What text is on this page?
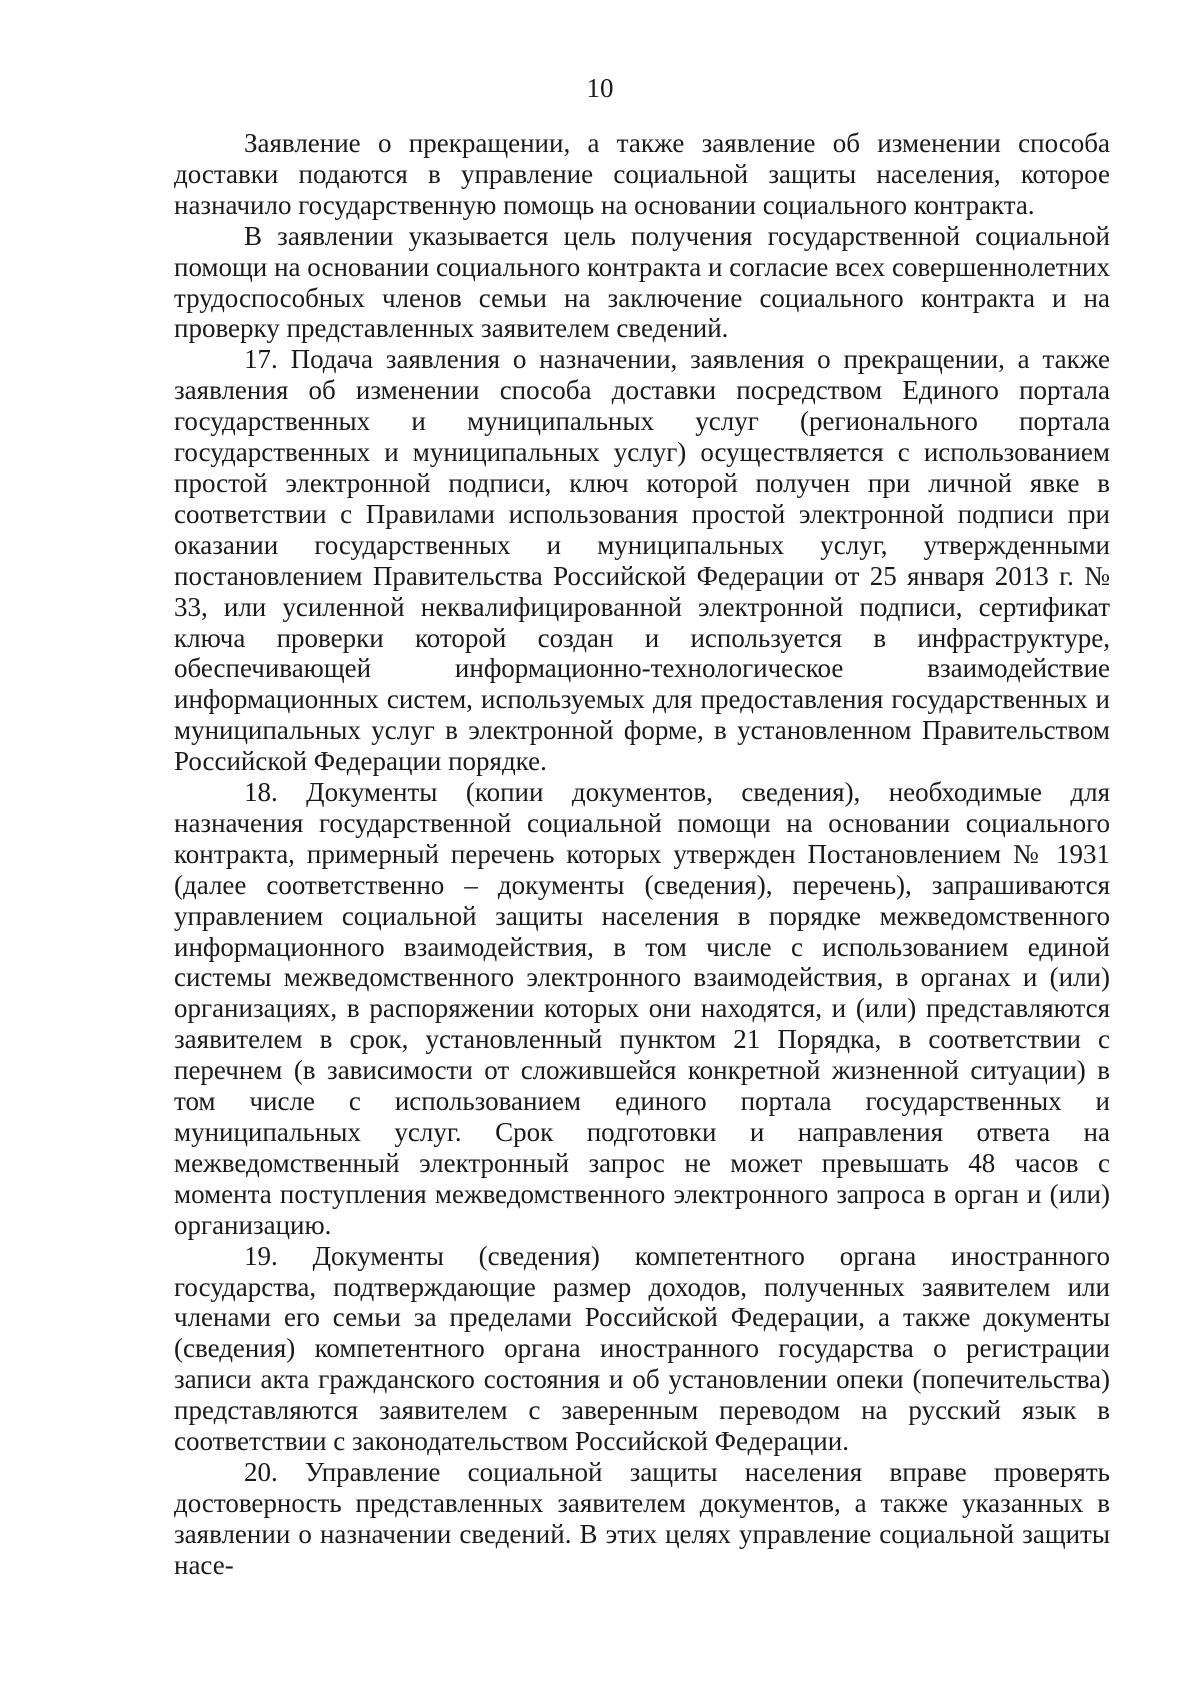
10

Заявление о прекращении, а также заявление об изменении способа доставки подаются в управление социальной защиты населения, которое назначило государственную помощь на основании социального контракта.

В заявлении указывается цель получения государственной социальной помощи на основании социального контракта и согласие всех совершеннолетних трудоспособных членов семьи на заключение социального контракта и на проверку представленных заявителем сведений.

17. Подача заявления о назначении, заявления о прекращении, а также заявления об изменении способа доставки посредством Единого портала государственных и муниципальных услуг (регионального портала государственных и муниципальных услуг) осуществляется с использованием простой электронной подписи, ключ которой получен при личной явке в соответствии с Правилами использования простой электронной подписи при оказании государственных и муниципальных услуг, утвержденными постановлением Правительства Российской Федерации от 25 января 2013 г. № 33, или усиленной неквалифицированной электронной подписи, сертификат ключа проверки которой создан и используется в инфраструктуре, обеспечивающей информационно-технологическое взаимодействие информационных систем, используемых для предоставления государственных и муниципальных услуг в электронной форме, в установленном Правительством Российской Федерации порядке.

18. Документы (копии документов, сведения), необходимые для назначения государственной социальной помощи на основании социального контракта, примерный перечень которых утвержден Постановлением № 1931 (далее соответственно – документы (сведения), перечень), запрашиваются управлением социальной защиты населения в порядке межведомственного информационного взаимодействия, в том числе с использованием единой системы межведомственного электронного взаимодействия, в органах и (или) организациях, в распоряжении которых они находятся, и (или) представляются заявителем в срок, установленный пунктом 21 Порядка, в соответствии с перечнем (в зависимости от сложившейся конкретной жизненной ситуации) в том числе с использованием единого портала государственных и муниципальных услуг. Срок подготовки и направления ответа на межведомственный электронный запрос не может превышать 48 часов с момента поступления межведомственного электронного запроса в орган и (или) организацию.

19. Документы (сведения) компетентного органа иностранного государства, подтверждающие размер доходов, полученных заявителем или членами его семьи за пределами Российской Федерации, а также документы (сведения) компетентного органа иностранного государства о регистрации записи акта гражданского состояния и об установлении опеки (попечительства) представляются заявителем с заверенным переводом на русский язык в соответствии с законодательством Российской Федерации.

20. Управление социальной защиты населения вправе проверять достоверность представленных заявителем документов, а также указанных в заявлении о назначении сведений. В этих целях управление социальной защиты насе-
